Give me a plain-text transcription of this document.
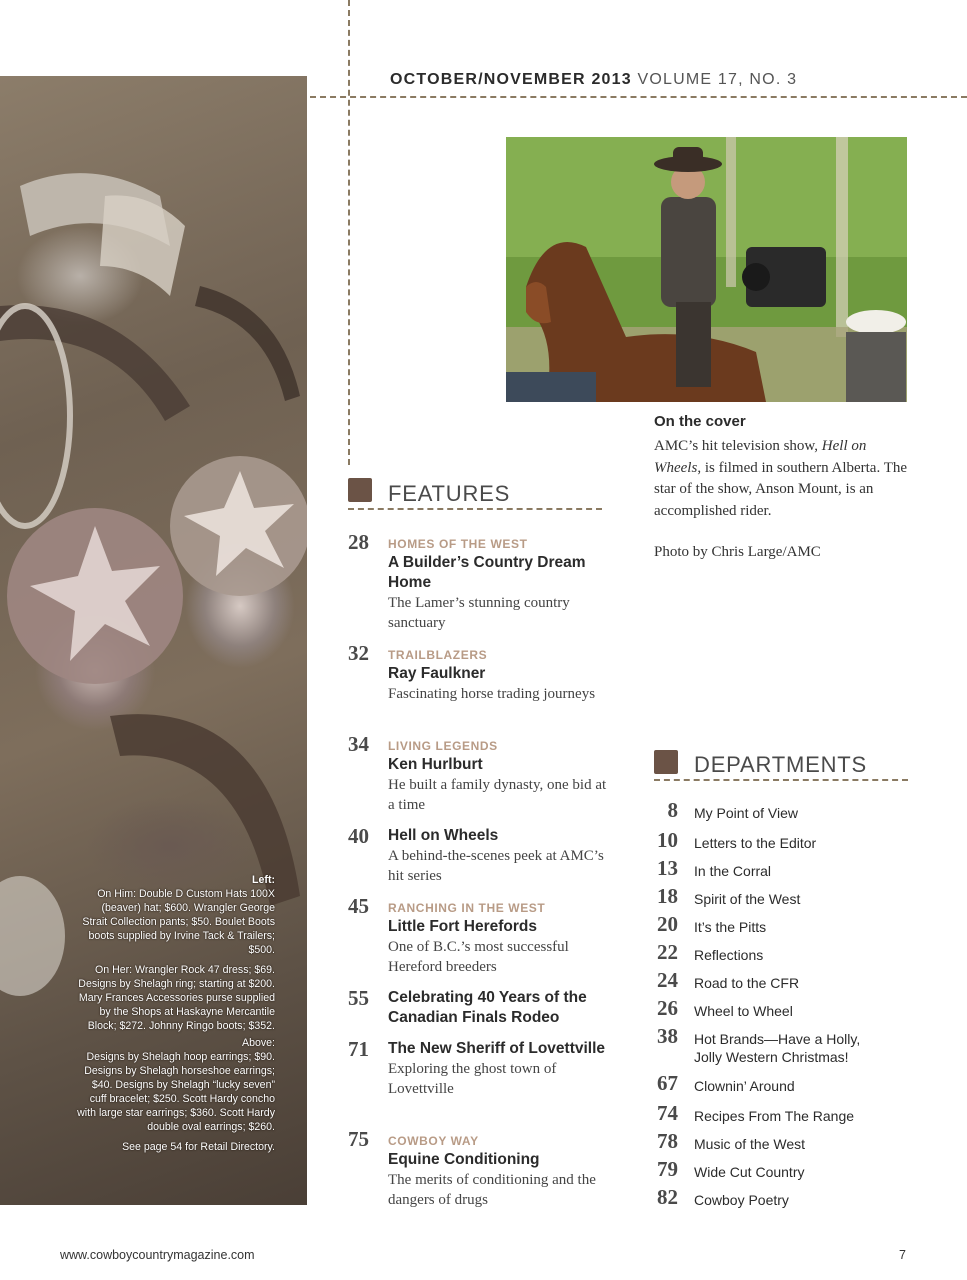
OCTOBER/NOVEMBER 2013 VOLUME 17, NO. 3
Left:
On Him: Double D Custom Hats 100X (beaver) hat; $600. Wrangler George Strait Collection pants; $50. Boulet Boots boots supplied by Irvine Tack & Trailers; $500.
On Her: Wrangler Rock 47 dress; $69. Designs by Shelagh ring; starting at $200. Mary Frances Accessories purse supplied by the Shops at Haskayne Mercantile Block; $272. Johnny Ringo boots; $352.
Above:
Designs by Shelagh hoop earrings; $90. Designs by Shelagh horseshoe earrings; $40. Designs by Shelagh “lucky seven” cuff bracelet; $250. Scott Hardy concho with large star earrings; $360. Scott Hardy double oval earrings; $260.
See page 54 for Retail Directory.
On the cover
AMC’s hit television show, Hell on Wheels, is filmed in southern Alberta. The star of the show, Anson Mount, is an accomplished rider.
Photo by Chris Large/AMC
FEATURES
28 HOMES OF THE WEST
A Builder’s Country Dream Home
The Lamer’s stunning country sanctuary
32 TRAILBLAZERS
Ray Faulkner
Fascinating horse trading journeys
34 LIVING LEGENDS
Ken Hurlburt
He built a family dynasty, one bid at a time
40 Hell on Wheels
A behind-the-scenes peek at AMC’s hit series
45 RANCHING IN THE WEST
Little Fort Herefords
One of B.C.’s most successful Hereford breeders
55 Celebrating 40 Years of the Canadian Finals Rodeo
71 The New Sheriff of Lovettville
Exploring the ghost town of Lovettville
75 COWBOY WAY
Equine Conditioning
The merits of conditioning and the dangers of drugs
DEPARTMENTS
8 My Point of View
10 Letters to the Editor
13 In the Corral
18 Spirit of the West
20 It’s the Pitts
22 Reflections
24 Road to the CFR
26 Wheel to Wheel
38 Hot Brands—Have a Holly, Jolly Western Christmas!
67 Clownin’ Around
74 Recipes From The Range
78 Music of the West
79 Wide Cut Country
82 Cowboy Poetry
www.cowboycountrymagazine.com	7
